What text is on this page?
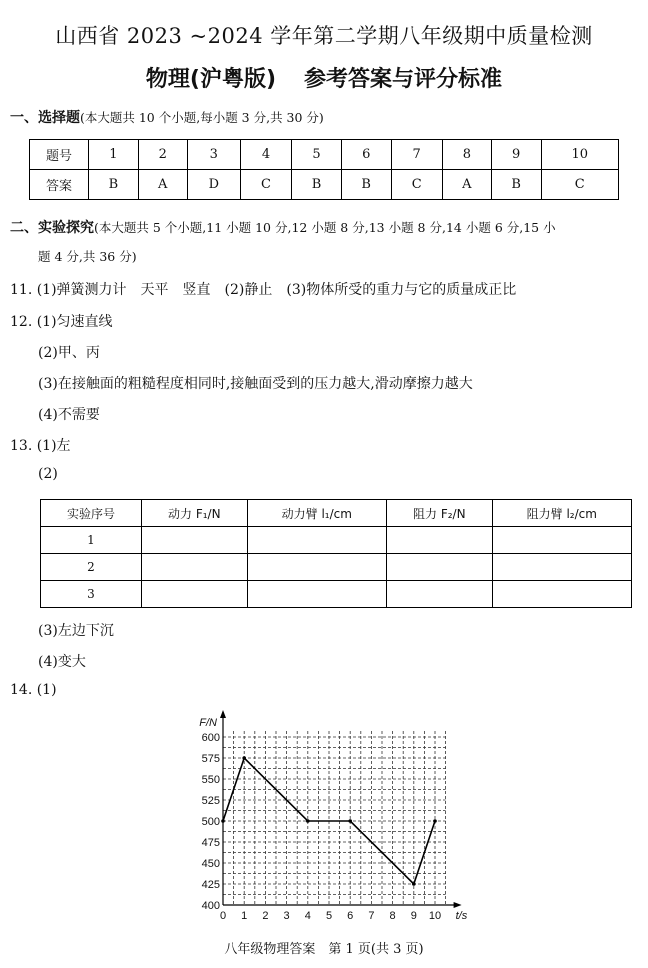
山西省 2023 ~2024 学年第二学期八年级期中质量检测
物理(沪粤版) 参考答案与评分标准
一、选择题(本大题共 10 个小题,每小题 3 分,共 30 分)
题号	1	2	3	4	5	6	7	8	9	10
答案	B	A	D	C	B	B	C	A	B	C
二、实验探究(本大题共 5 个小题,11 小题 10 分,12 小题 8 分,13 小题 8 分,14 小题 6 分,15 小
题 4 分,共 36 分)
11. (1)弹簧测力计　天平　竖直　(2)静止　(3)物体所受的重力与它的质量成正比
12. (1)匀速直线
(2)甲、丙
(3)在接触面的粗糙程度相同时,接触面受到的压力越大,滑动摩擦力越大
(4)不需要
13. (1)左
(2)
实验序号	动力 F₁/N	动力臂 l₁/cm	阻力 F₂/N	阻力臂 l₂/cm
1				
2				
3				
(3)左边下沉
(4)变大
14. (1)
400
425
450
475
500
525
550
575
600
0 1 2 3 4 5 6 7 8 9 10
F/N
t/s
八年级物理答案　第 1 页(共 3 页)
